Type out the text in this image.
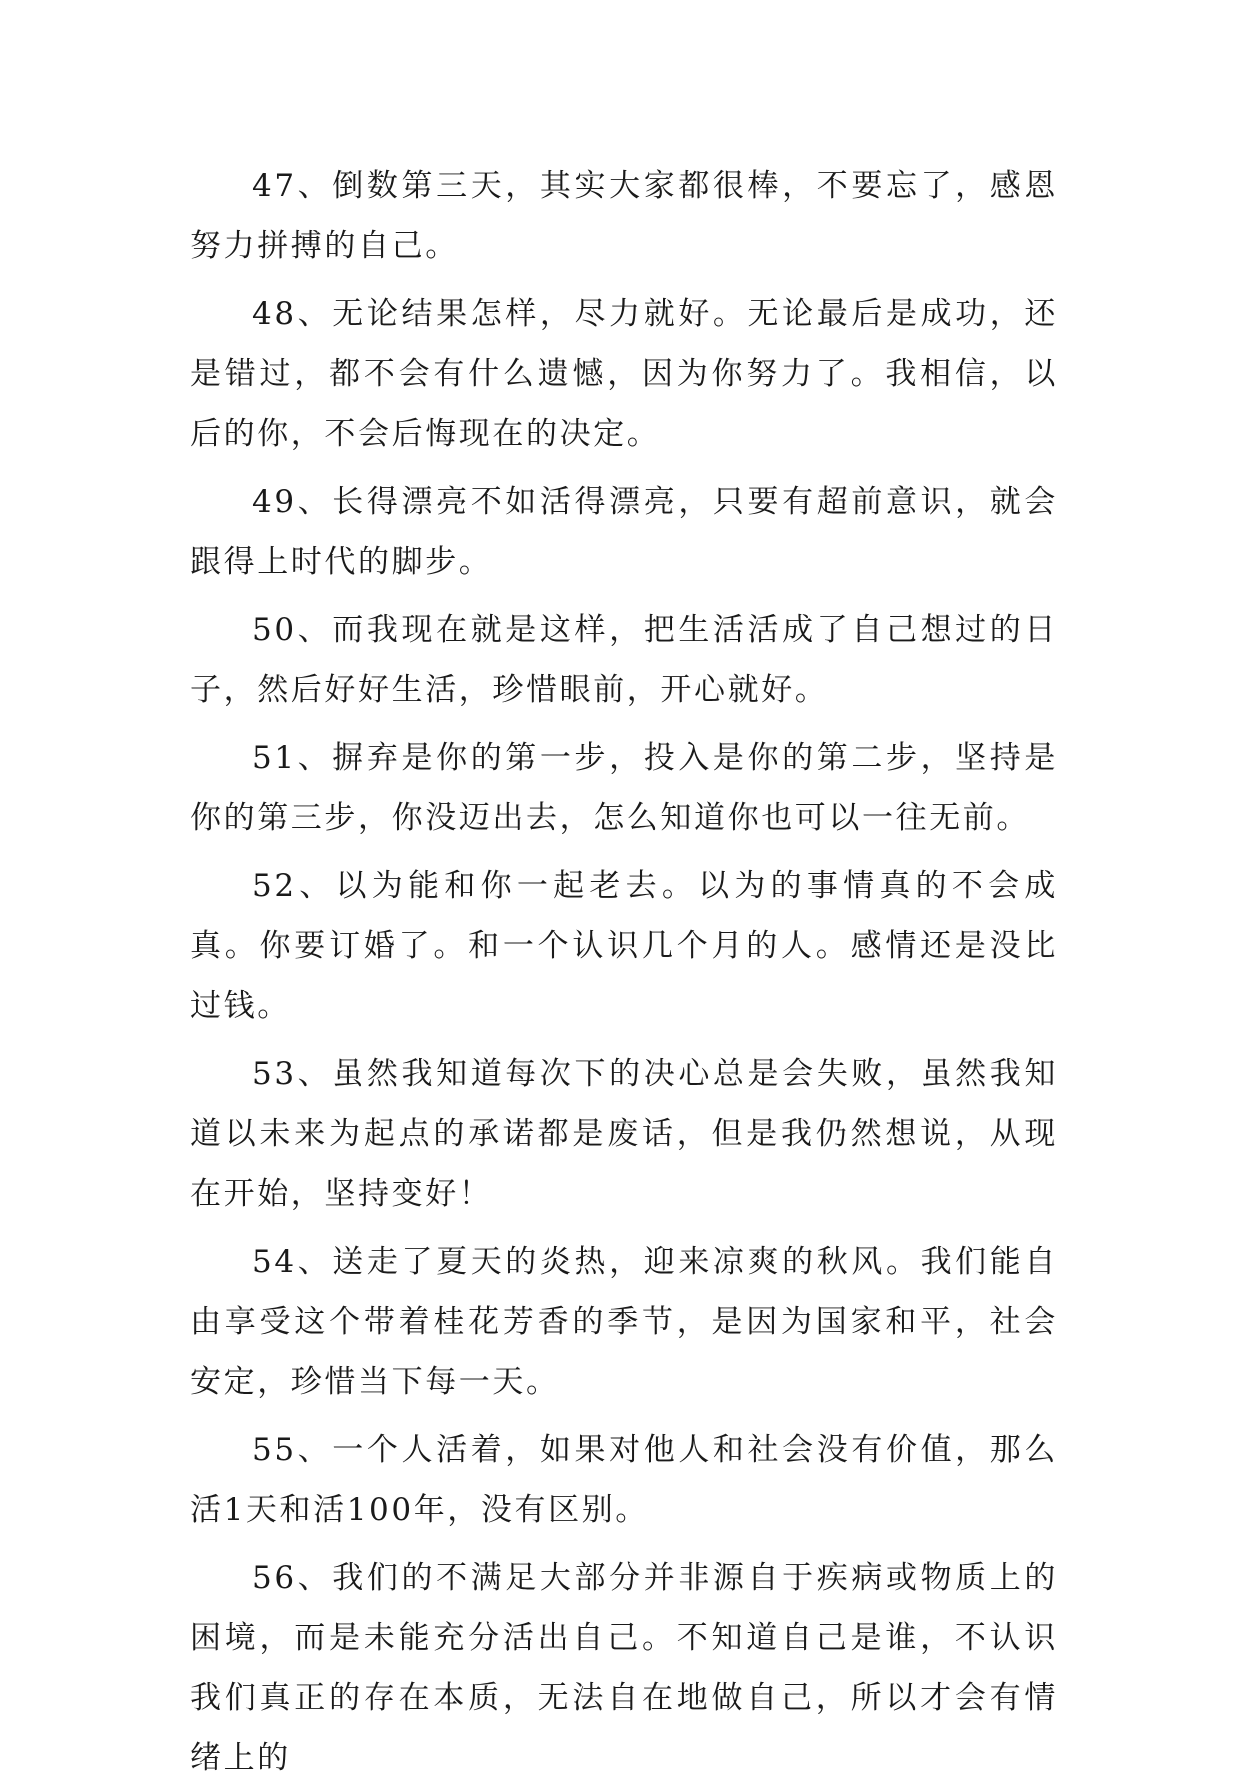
47、倒数第三天，其实大家都很棒，不要忘了，感恩努力拼搏的自己。

48、无论结果怎样，尽力就好。无论最后是成功，还是错过，都不会有什么遗憾，因为你努力了。我相信，以后的你，不会后悔现在的决定。

49、长得漂亮不如活得漂亮，只要有超前意识，就会跟得上时代的脚步。

50、而我现在就是这样，把生活活成了自己想过的日子，然后好好生活，珍惜眼前，开心就好。

51、摒弃是你的第一步，投入是你的第二步，坚持是你的第三步，你没迈出去，怎么知道你也可以一往无前。

52、以为能和你一起老去。以为的事情真的不会成真。你要订婚了。和一个认识几个月的人。感情还是没比过钱。

53、虽然我知道每次下的决心总是会失败，虽然我知道以未来为起点的承诺都是废话，但是我仍然想说，从现在开始，坚持变好！

54、送走了夏天的炎热，迎来凉爽的秋风。我们能自由享受这个带着桂花芳香的季节，是因为国家和平，社会安定，珍惜当下每一天。

55、一个人活着，如果对他人和社会没有价值，那么活1天和活100年，没有区别。

56、我们的不满足大部分并非源自于疾病或物质上的困境，而是未能充分活出自己。不知道自己是谁，不认识我们真正的存在本质，无法自在地做自己，所以才会有情绪上的
